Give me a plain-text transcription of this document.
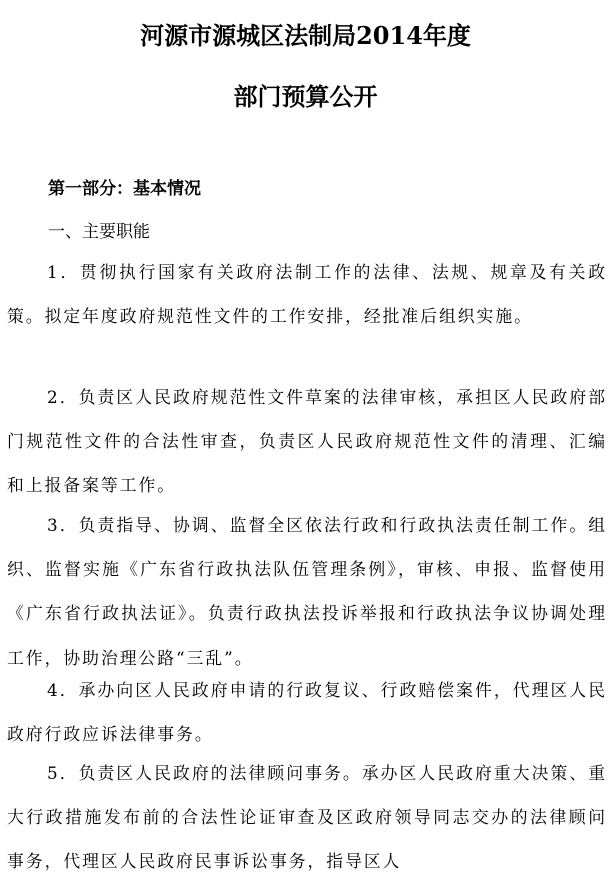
河源市源城区法制局2014年度
部门预算公开
第一部分：基本情况
一、主要职能
1．贯彻执行国家有关政府法制工作的法律、法规、规章及有关政策。拟定年度政府规范性文件的工作安排，经批准后组织实施。
2．负责区人民政府规范性文件草案的法律审核，承担区人民政府部门规范性文件的合法性审查，负责区人民政府规范性文件的清理、汇编和上报备案等工作。
3．负责指导、协调、监督全区依法行政和行政执法责任制工作。组织、监督实施《广东省行政执法队伍管理条例》，审核、申报、监督使用《广东省行政执法证》。负责行政执法投诉举报和行政执法争议协调处理工作，协助治理公路“三乱”。
4．承办向区人民政府申请的行政复议、行政赔偿案件，代理区人民政府行政应诉法律事务。
5．负责区人民政府的法律顾问事务。承办区人民政府重大决策、重大行政措施发布前的合法性论证审查及区政府领导同志交办的法律顾问事务，代理区人民政府民事诉讼事务，指导区人
